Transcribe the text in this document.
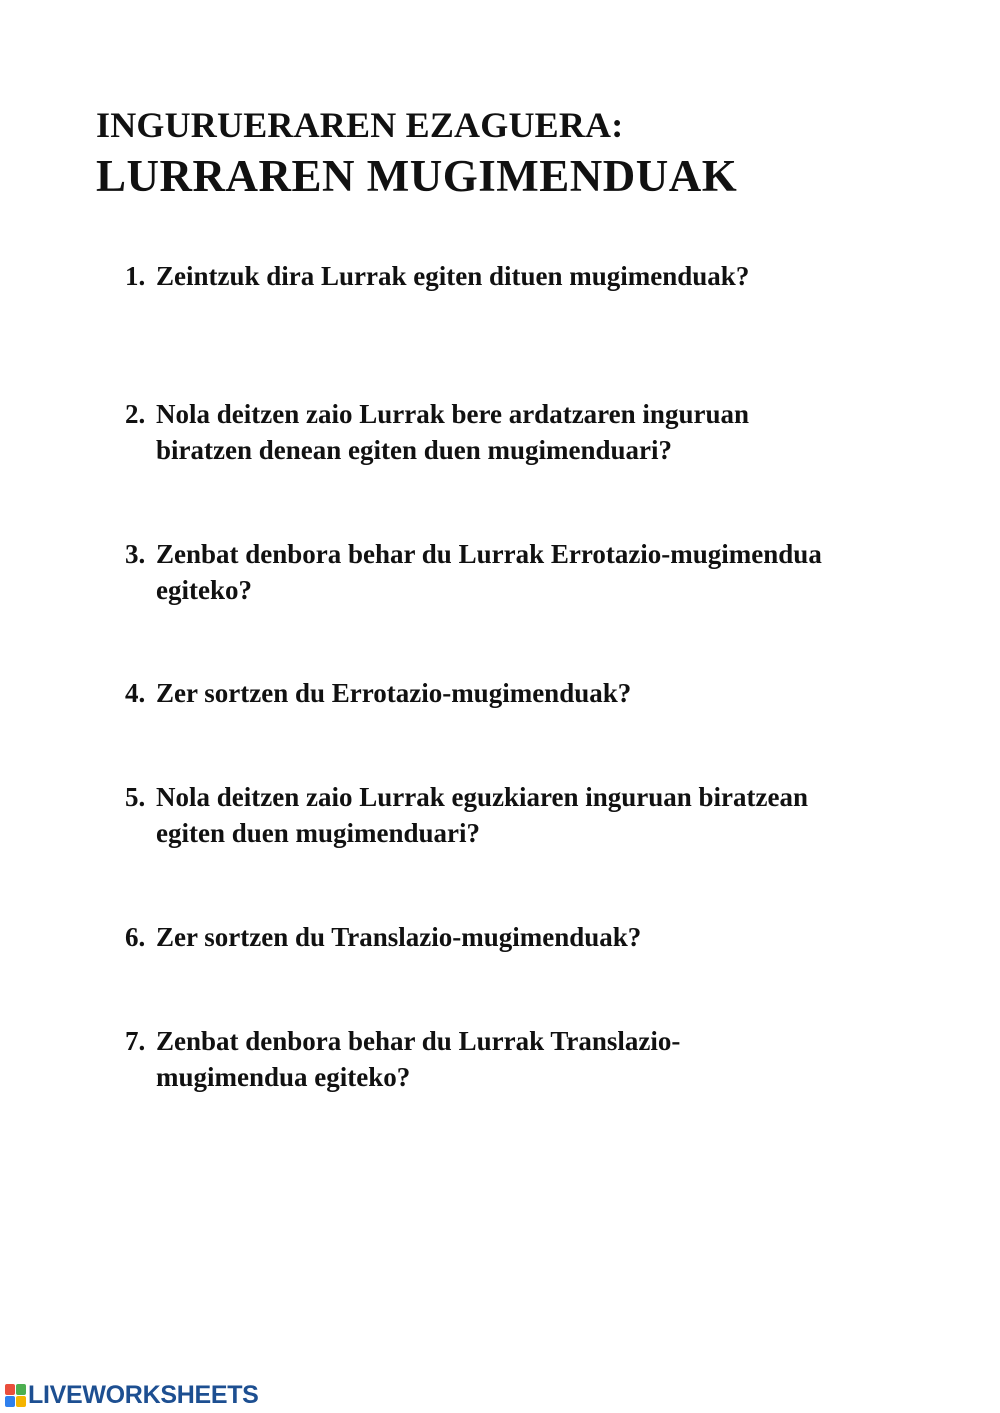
INGURUERAREN EZAGUERA:
LURRAREN MUGIMENDUAK
1. Zeintzuk dira Lurrak egiten dituen mugimenduak?
2. Nola deitzen zaio Lurrak bere ardatzaren inguruan
biratzen denean egiten duen mugimenduari?
3. Zenbat denbora behar du Lurrak Errotazio-mugimendua
egiteko?
4. Zer sortzen du Errotazio-mugimenduak?
5. Nola deitzen zaio Lurrak eguzkiaren inguruan biratzean
egiten duen mugimenduari?
6. Zer sortzen du Translazio-mugimenduak?
7. Zenbat denbora behar du Lurrak Translazio-
mugimendua egiteko?
LIVEWORKSHEETS
